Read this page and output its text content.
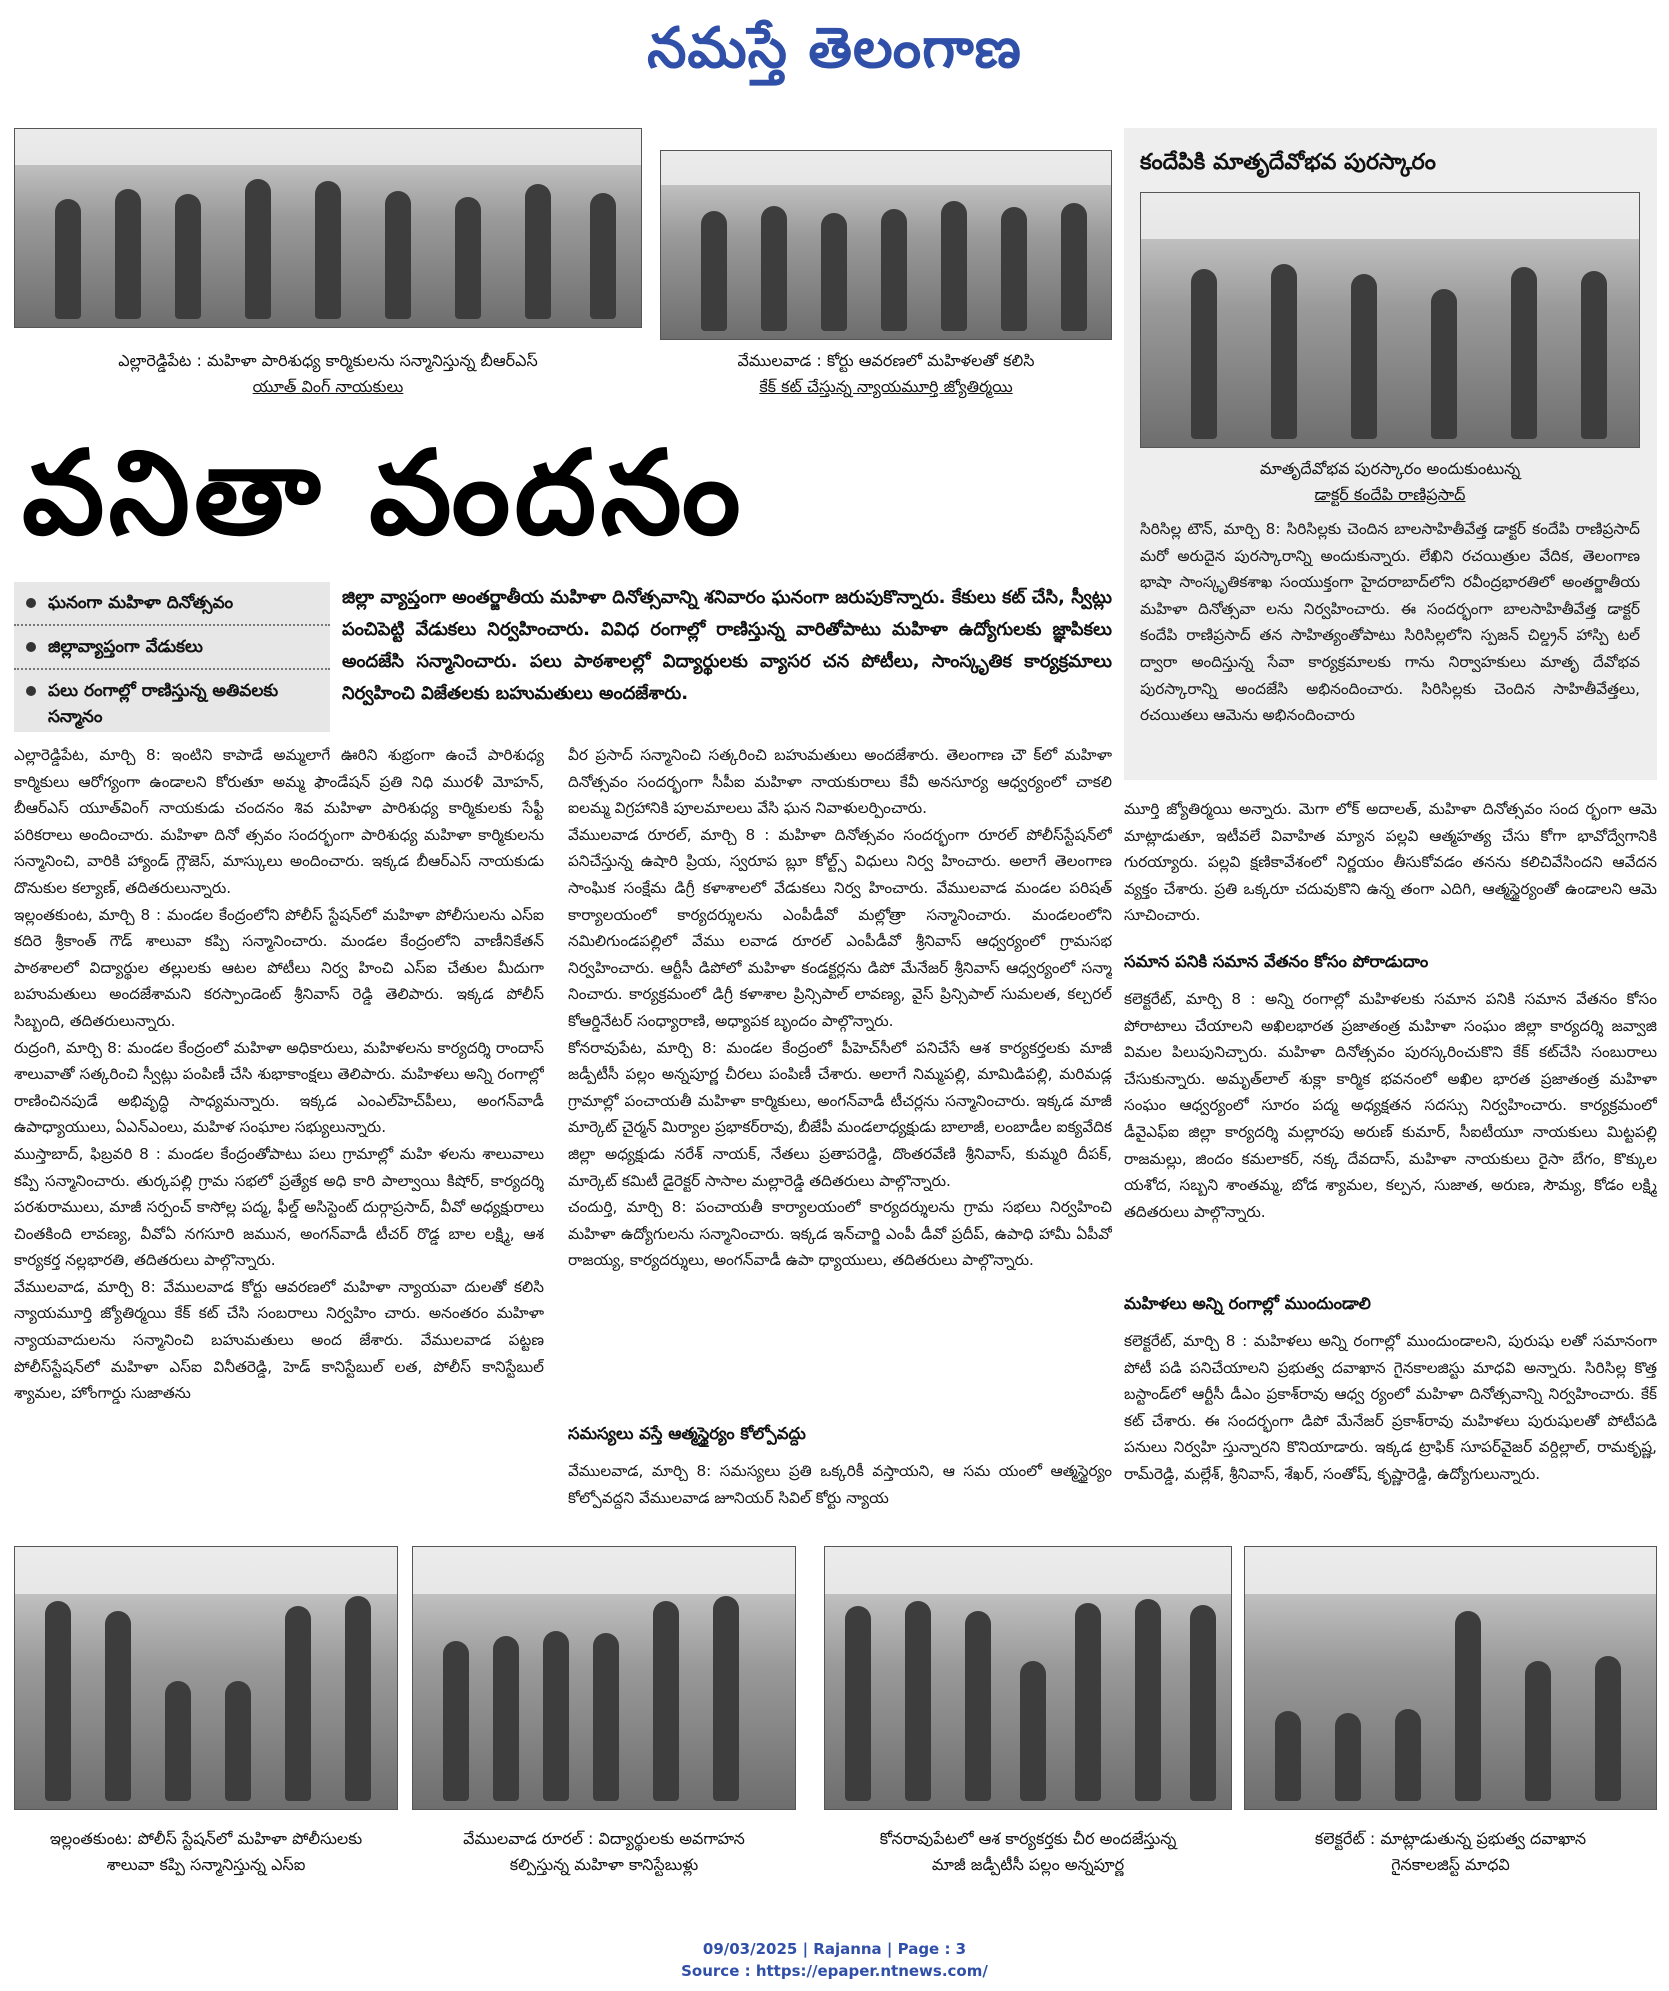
నమస్తే తెలంగాణ
ఎల్లారెడ్డిపేట : మహిళా పారిశుధ్య కార్మికులను సన్మానిస్తున్న బీఆర్ఎస్
యూత్ వింగ్ నాయకులు
వేములవాడ : కోర్టు ఆవరణలో మహిళలతో కలిసి
కేక్ కట్ చేస్తున్న న్యాయమూర్తి జ్యోతిర్మయి
వనితా వందనం
కందేపికి మాతృదేవోభవ పురస్కారం
మాతృదేవోభవ పురస్కారం అందుకుంటున్న
డాక్టర్ కందేపి రాణిప్రసాద్
సిరిసిల్ల టౌన్, మార్చి 8: సిరిసిల్లకు చెందిన బాలసాహితీవేత్త డాక్టర్ కందేపి రాణిప్రసాద్ మరో అరుదైన పురస్కారాన్ని అందుకున్నారు. లేఖిని రచయిత్రుల వేదిక, తెలంగాణ భాషా సాంస్కృతికశాఖ సంయుక్తంగా హైదరాబాద్‌లోని రవీంద్రభారతిలో అంతర్జాతీయ మహిళా దినోత్సవా లను నిర్వహించారు. ఈ సందర్భంగా బాలసాహితీవేత్త డాక్టర్ కందేపి రాణిప్రసాద్ తన సాహిత్యంతోపాటు సిరిసిల్లలోని స్పజన్ చిల్డ్రన్ హాస్పి టల్ ద్వారా అందిస్తున్న సేవా కార్యక్రమాలకు గాను నిర్వాహకులు మాతృ దేవోభవ పురస్కారాన్ని అందజేసి అభినందించారు. సిరిసిల్లకు చెందిన సాహితీవేత్తలు, రచయితలు ఆమెను అభినందించారు
ఘనంగా మహిళా దినోత్సవం
జిల్లావ్యాప్తంగా వేడుకలు
పలు రంగాల్లో రాణిస్తున్న అతివలకు సన్మానం
జిల్లా వ్యాప్తంగా అంతర్జాతీయ మహిళా దినోత్సవాన్ని శనివారం ఘనంగా జరుపుకొన్నారు. కేకులు కట్ చేసి, స్వీట్లు పంచిపెట్టి వేడుకలు నిర్వహించారు. వివిధ రంగాల్లో రాణిస్తున్న వారితోపాటు మహిళా ఉద్యోగులకు జ్ఞాపికలు అందజేసి సన్మానించారు. పలు పాఠశాలల్లో విద్యార్థులకు వ్యాసర చన పోటీలు, సాంస్కృతిక కార్యక్రమాలు నిర్వహించి విజేతలకు బహుమతులు అందజేశారు.
ఎల్లారెడ్డిపేట, మార్చి 8: ఇంటిని కాపాడే అమ్మలాగే ఊరిని శుభ్రంగా ఉంచే పారిశుధ్య కార్మికులు ఆరోగ్యంగా ఉండాలని కోరుతూ అమ్మ ఫౌండేషన్ ప్రతి నిధి మురళీ మోహన్, బీఆర్ఎస్ యూత్‌వింగ్ నాయకుడు చందనం శివ మహిళా పారిశుధ్య కార్మికులకు సేఫ్టీ పరికరాలు అందించారు. మహిళా దినో త్సవం సందర్భంగా పారిశుధ్య మహిళా కార్మికులను సన్మానించి, వారికి హ్యాండ్ గ్లౌజెస్, మాస్కులు అందించారు. ఇక్కడ బీఆర్ఎస్ నాయకుడు దొనుకుల కల్యాణ్, తదితరులున్నారు.
ఇల్లంతకుంట, మార్చి 8 : మండల కేంద్రంలోని పోలీస్ స్టేషన్‌లో మహిళా పోలీసులను ఎస్ఐ కదిరె శ్రీకాంత్ గౌడ్ శాలువా కప్పి సన్మానించారు. మండల కేంద్రంలోని వాణీనికేతన్ పాఠశాలలో విద్యార్థుల తల్లులకు ఆటల పోటీలు నిర్వ హించి ఎస్ఐ చేతుల మీదుగా బహుమతులు అందజేశామని కరస్పాండెంట్ శ్రీనివాస్ రెడ్డి తెలిపారు. ఇక్కడ పోలీస్ సిబ్బంది, తదితరులున్నారు.
రుద్రంగి, మార్చి 8: మండల కేంద్రంలో మహిళా అధికారులు, మహిళలను కార్యదర్శి రాందాస్ శాలువాతో సత్కరించి స్వీట్లు పంపిణీ చేసి శుభాకాంక్షలు తెలిపారు. మహిళలు అన్ని రంగాల్లో రాణించినపుడే అభివృద్ధి సాధ్యమన్నారు. ఇక్కడ ఎంఎల్‌హెచ్‌పీలు, అంగన్‌వాడీ ఉపాధ్యాయులు, ఏఎన్ఎంలు, మహిళ సంఘాల సభ్యులున్నారు.
ముస్తాబాద్, ఫిబ్రవరి 8 : మండల కేంద్రంతోపాటు పలు గ్రామాల్లో మహి ళలను శాలువాలు కప్పి సన్మానించారు. తుర్కపల్లి గ్రామ సభలో ప్రత్యేక అధి కారి పాల్వాయి కిషోర్, కార్యదర్శి పరశురాములు, మాజీ సర్పంచ్ కాసోల్ల పద్మ, ఫీల్డ్ అసిస్టెంట్ దుర్గాప్రసాద్, వీవో అధ్యక్షురాలు చింతకింది లావణ్య, వీవోఏ నగసూరి జమున, అంగన్‌వాడీ టీచర్ రొడ్డ బాల లక్ష్మి, ఆశ కార్యకర్త నల్లభారతి, తదితరులు పాల్గొన్నారు.
వేములవాడ, మార్చి 8: వేములవాడ కోర్టు ఆవరణలో మహిళా న్యాయవా దులతో కలిసి న్యాయమూర్తి జ్యోతిర్మయి కేక్ కట్ చేసి సంబరాలు నిర్వహిం చారు. అనంతరం మహిళా న్యాయవాదులను సన్మానించి బహుమతులు అంద జేశారు. వేములవాడ పట్టణ పోలీస్‌స్టేషన్‌లో మహిళా ఎస్ఐ వినీతరెడ్డి, హెడ్ కానిస్టేబుల్ లత, పోలీస్ కానిస్టేబుల్ శ్యామల, హోంగార్డు సుజాతను
వీర ప్రసాద్ సన్మానించి సత్కరించి బహుమతులు అందజేశారు. తెలంగాణ చౌ క్‌లో మహిళా దినోత్సవం సందర్భంగా సీపీఐ మహిళా నాయకురాలు కేవీ అనసూర్య ఆధ్వర్యంలో చాకలి ఐలమ్మ విగ్రహానికి పూలమాలలు వేసి ఘన నివాళులర్పించారు.
వేములవాడ రూరల్, మార్చి 8 : మహిళా దినోత్సవం సందర్భంగా రూరల్ పోలీస్‌స్టేషన్‌లో పనిచేస్తున్న ఉషారి ప్రియ, స్వరూప బ్లూ కోల్ట్స్ విధులు నిర్వ హించారు. అలాగే తెలంగాణ సాంఘిక సంక్షేమ డిగ్రీ కళాశాలలో వేడుకలు నిర్వ హించారు. వేములవాడ మండల పరిషత్ కార్యాలయంలో కార్యదర్శులను ఎంపీడీవో మల్లోత్రా సన్మానించారు. మండలంలోని నమిలిగుండపల్లిలో వేము లవాడ రూరల్ ఎంపీడీవో శ్రీనివాస్ ఆధ్వర్యంలో గ్రామసభ నిర్వహించారు. ఆర్టీసీ డిపోలో మహిళా కండక్టర్లను డిపో మేనేజర్ శ్రీనివాస్ ఆధ్వర్యంలో సన్మా నించారు. కార్యక్రమంలో డిగ్రీ కళాశాల ప్రిన్సిపాల్ లావణ్య, వైస్ ప్రిన్సిపాల్ సుమలత, కల్చరల్ కోఆర్డినేటర్ సంధ్యారాణి, అధ్యాపక బృందం పాల్గొన్నారు.
కోనరావుపేట, మార్చి 8: మండల కేంద్రంలో పీహెచ్‌సీలో పనిచేసే ఆశ కార్యకర్తలకు మాజీ జడ్పీటీసీ పల్లం అన్నపూర్ణ చీరలు పంపిణీ చేశారు. అలాగే నిమ్మపల్లి, మామిడిపల్లి, మరిమడ్ల గ్రామాల్లో పంచాయతీ మహిళా కార్మికులు, అంగన్‌వాడీ టీచర్లను సన్మానించారు. ఇక్కడ మాజీ మార్కెట్ చైర్మన్ మిర్యాల ప్రభాకర్‌రావు, బీజేపీ మండలాధ్యక్షుడు బాలాజీ, లంబాడీల ఐక్యవేదిక జిల్లా అధ్యక్షుడు నరేశ్ నాయక్, నేతలు ప్రతాపరెడ్డి, దొంతరవేణి శ్రీనివాస్, కుమ్మరి దీపక్, మార్కెట్ కమిటీ డైరెక్టర్ సాసాల మల్లారెడ్డి తదితరులు పాల్గొన్నారు.
చందుర్తి, మార్చి 8: పంచాయతీ కార్యాలయంలో కార్యదర్శులను గ్రామ సభలు నిర్వహించి మహిళా ఉద్యోగులను సన్మానించారు. ఇక్కడ ఇన్‌చార్జి ఎంపీ డీవో ప్రదీప్, ఉపాధి హామీ ఏపీవో రాజయ్య, కార్యదర్శులు, అంగన్‌వాడీ ఉపా ధ్యాయులు, తదితరులు పాల్గొన్నారు.
సమస్యలు వస్తే ఆత్మస్థైర్యం కోల్పోవద్దు
వేములవాడ, మార్చి 8: సమస్యలు ప్రతి ఒక్కరికీ వస్తాయని, ఆ సమ యంలో ఆత్మస్థైర్యం కోల్పోవద్దని వేములవాడ జూనియర్ సివిల్ కోర్టు న్యాయ
మూర్తి జ్యోతిర్మయి అన్నారు. మెగా లోక్ అదాలత్, మహిళా దినోత్సవం సంద ర్భంగా ఆమె మాట్లాడుతూ, ఇటీవలే వివాహిత మ్యాన పల్లవి ఆత్మహత్య చేసు కోగా భావోద్వేగానికి గురయ్యారు. పల్లవి క్షణికావేశంలో నిర్ణయం తీసుకోవడం తనను కలిచివేసిందని ఆవేదన వ్యక్తం చేశారు. ప్రతి ఒక్కరూ చదువుకొని ఉన్న తంగా ఎదిగి, ఆత్మస్థైర్యంతో ఉండాలని ఆమె సూచించారు.
సమాన పనికి సమాన వేతనం కోసం పోరాడుదాం
కలెక్టరేట్, మార్చి 8 : అన్ని రంగాల్లో మహిళలకు సమాన పనికి సమాన వేతనం కోసం పోరాటాలు చేయాలని అఖిలభారత ప్రజాతంత్ర మహిళా సంఘం జిల్లా కార్యదర్శి జవ్వాజి విమల పిలుపునిచ్చారు. మహిళా దినోత్సవం పురస్కరించుకొని కేక్ కట్‌చేసి సంబురాలు చేసుకున్నారు. అమృత్‌లాల్ శుక్లా కార్మిక భవనంలో అఖిల భారత ప్రజాతంత్ర మహిళా సంఘం ఆధ్వర్యంలో సూరం పద్మ అధ్యక్షతన సదస్సు నిర్వహించారు. కార్యక్రమంలో డీవైఎఫ్ఐ జిల్లా కార్యదర్శి మల్లారపు అరుణ్ కుమార్, సీఐటీయూ నాయకులు మిట్టపల్లి రాజమల్లు, జిందం కమలాకర్, నక్క దేవదాస్, మహిళా నాయకులు రైసా బేగం, కొక్కుల యశోద, సబ్బని శాంతమ్మ, బోడ శ్యామల, కల్పన, సుజాత, అరుణ, సౌమ్య, కోడం లక్ష్మి తదితరులు పాల్గొన్నారు.
మహిళలు అన్ని రంగాల్లో ముందుండాలి
కలెక్టరేట్, మార్చి 8 : మహిళలు అన్ని రంగాల్లో ముందుండాలని, పురుషు లతో సమానంగా పోటీ పడి పనిచేయాలని ప్రభుత్వ దవాఖాన గైనకాలజిస్టు మాధవి అన్నారు. సిరిసిల్ల కొత్త బస్టాండ్‌లో ఆర్టీసీ డీఎం ప్రకాశ్‌రావు ఆధ్వ ర్యంలో మహిళా దినోత్సవాన్ని నిర్వహించారు. కేక్ కట్ చేశారు. ఈ సందర్భంగా డిపో మేనేజర్ ప్రకాశ్‌రావు మహిళలు పురుషులతో పోటీపడి పనులు నిర్వహి స్తున్నారని కొనియాడారు. ఇక్కడ ట్రాఫిక్ సూపర్‌వైజర్ వర్దిల్లాల్, రామకృష్ణ, రామ్‌రెడ్డి, మల్లేశ్, శ్రీనివాస్, శేఖర్, సంతోష్, కృష్ణారెడ్డి, ఉద్యోగులున్నారు.
ఇల్లంతకుంట: పోలీస్ స్టేషన్‌లో మహిళా పోలీసులకు
శాలువా కప్పి సన్మానిస్తున్న ఎస్ఐ
వేములవాడ రూరల్ : విద్యార్థులకు అవగాహన
కల్పిస్తున్న మహిళా కానిస్టేబుళ్లు
కోనరావుపేటలో ఆశ కార్యకర్తకు చీర అందజేస్తున్న
మాజీ జడ్పీటీసీ పల్లం అన్నపూర్ణ
కలెక్టరేట్ : మాట్లాడుతున్న ప్రభుత్వ దవాఖాన
గైనకాలజిస్ట్ మాధవి
09/03/2025 | Rajanna | Page : 3
Source : https://epaper.ntnews.com/
